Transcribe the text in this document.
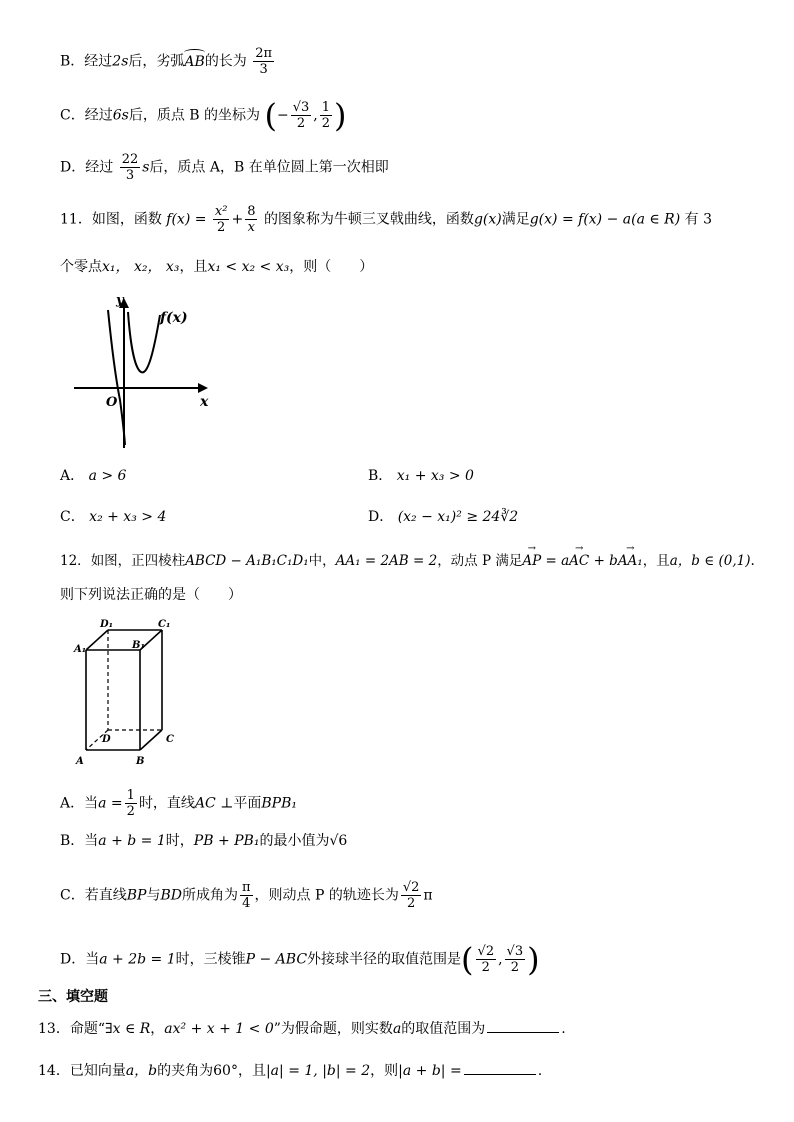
B．经过2s后，劣弧AB的长为 $\frac{2\pi}{3}$
C．经过6s后，质点 B 的坐标为 (− $\frac{√3}{2}$ , $\frac{1}{2}$ )
D．经过 $\frac{22}{3}$ s后，质点 A，B 在单位圆上第一次相即
11．如图，函数 $f(x) = \frac{\text{x²}}{2} + \frac{8}{x}$ 的图象称为牛顿三叉戟曲线，函数g(x)满足g(x) = f(x) − a(a ∈ R) 有 3
个零点x₁， x₂， x₃，且x₁ < x₂ < x₃，则（　　）
y
f(x)
x
O
A． a > 6	B． x₁ + x₃ > 0
C． x₂ + x₃ > 4	D． (x₂ − x₁)² ≥ 24∛2
12．如图，正四棱柱ABCD − A₁B₁C₁D₁中，AA₁ = 2AB = 2，动点 P 满足→ AP = a→ AC + b→ AA₁，且a，b ∈ (0,1).
则下列说法正确的是（　　）
D₁	C₁
A₁	B₁
D	C
A	B
A．当$a = \frac{1}{2}$ 时，直线AC ⊥平面BPB₁
B．当a + b = 1时，PB + PB₁的最小值为√6
C．若直线BP与BD所成角为 $\frac{\pi}{4}$ ，则动点 P 的轨迹长为 $\frac{√2}{2}$ π
D．当a + 2b = 1时，三棱锥P − ABC外接球半径的取值范围是( $\frac{√2}{2}$ , $\frac{√3}{2}$ )
三、填空题
13．命题“∃x ∈ R，ax² + x + 1 < 0”为假命题，则实数a的取值范围为	.
14．已知向量a，b的夹角为60°，且|a| = 1, |b| = 2，则|a + b| =	.
